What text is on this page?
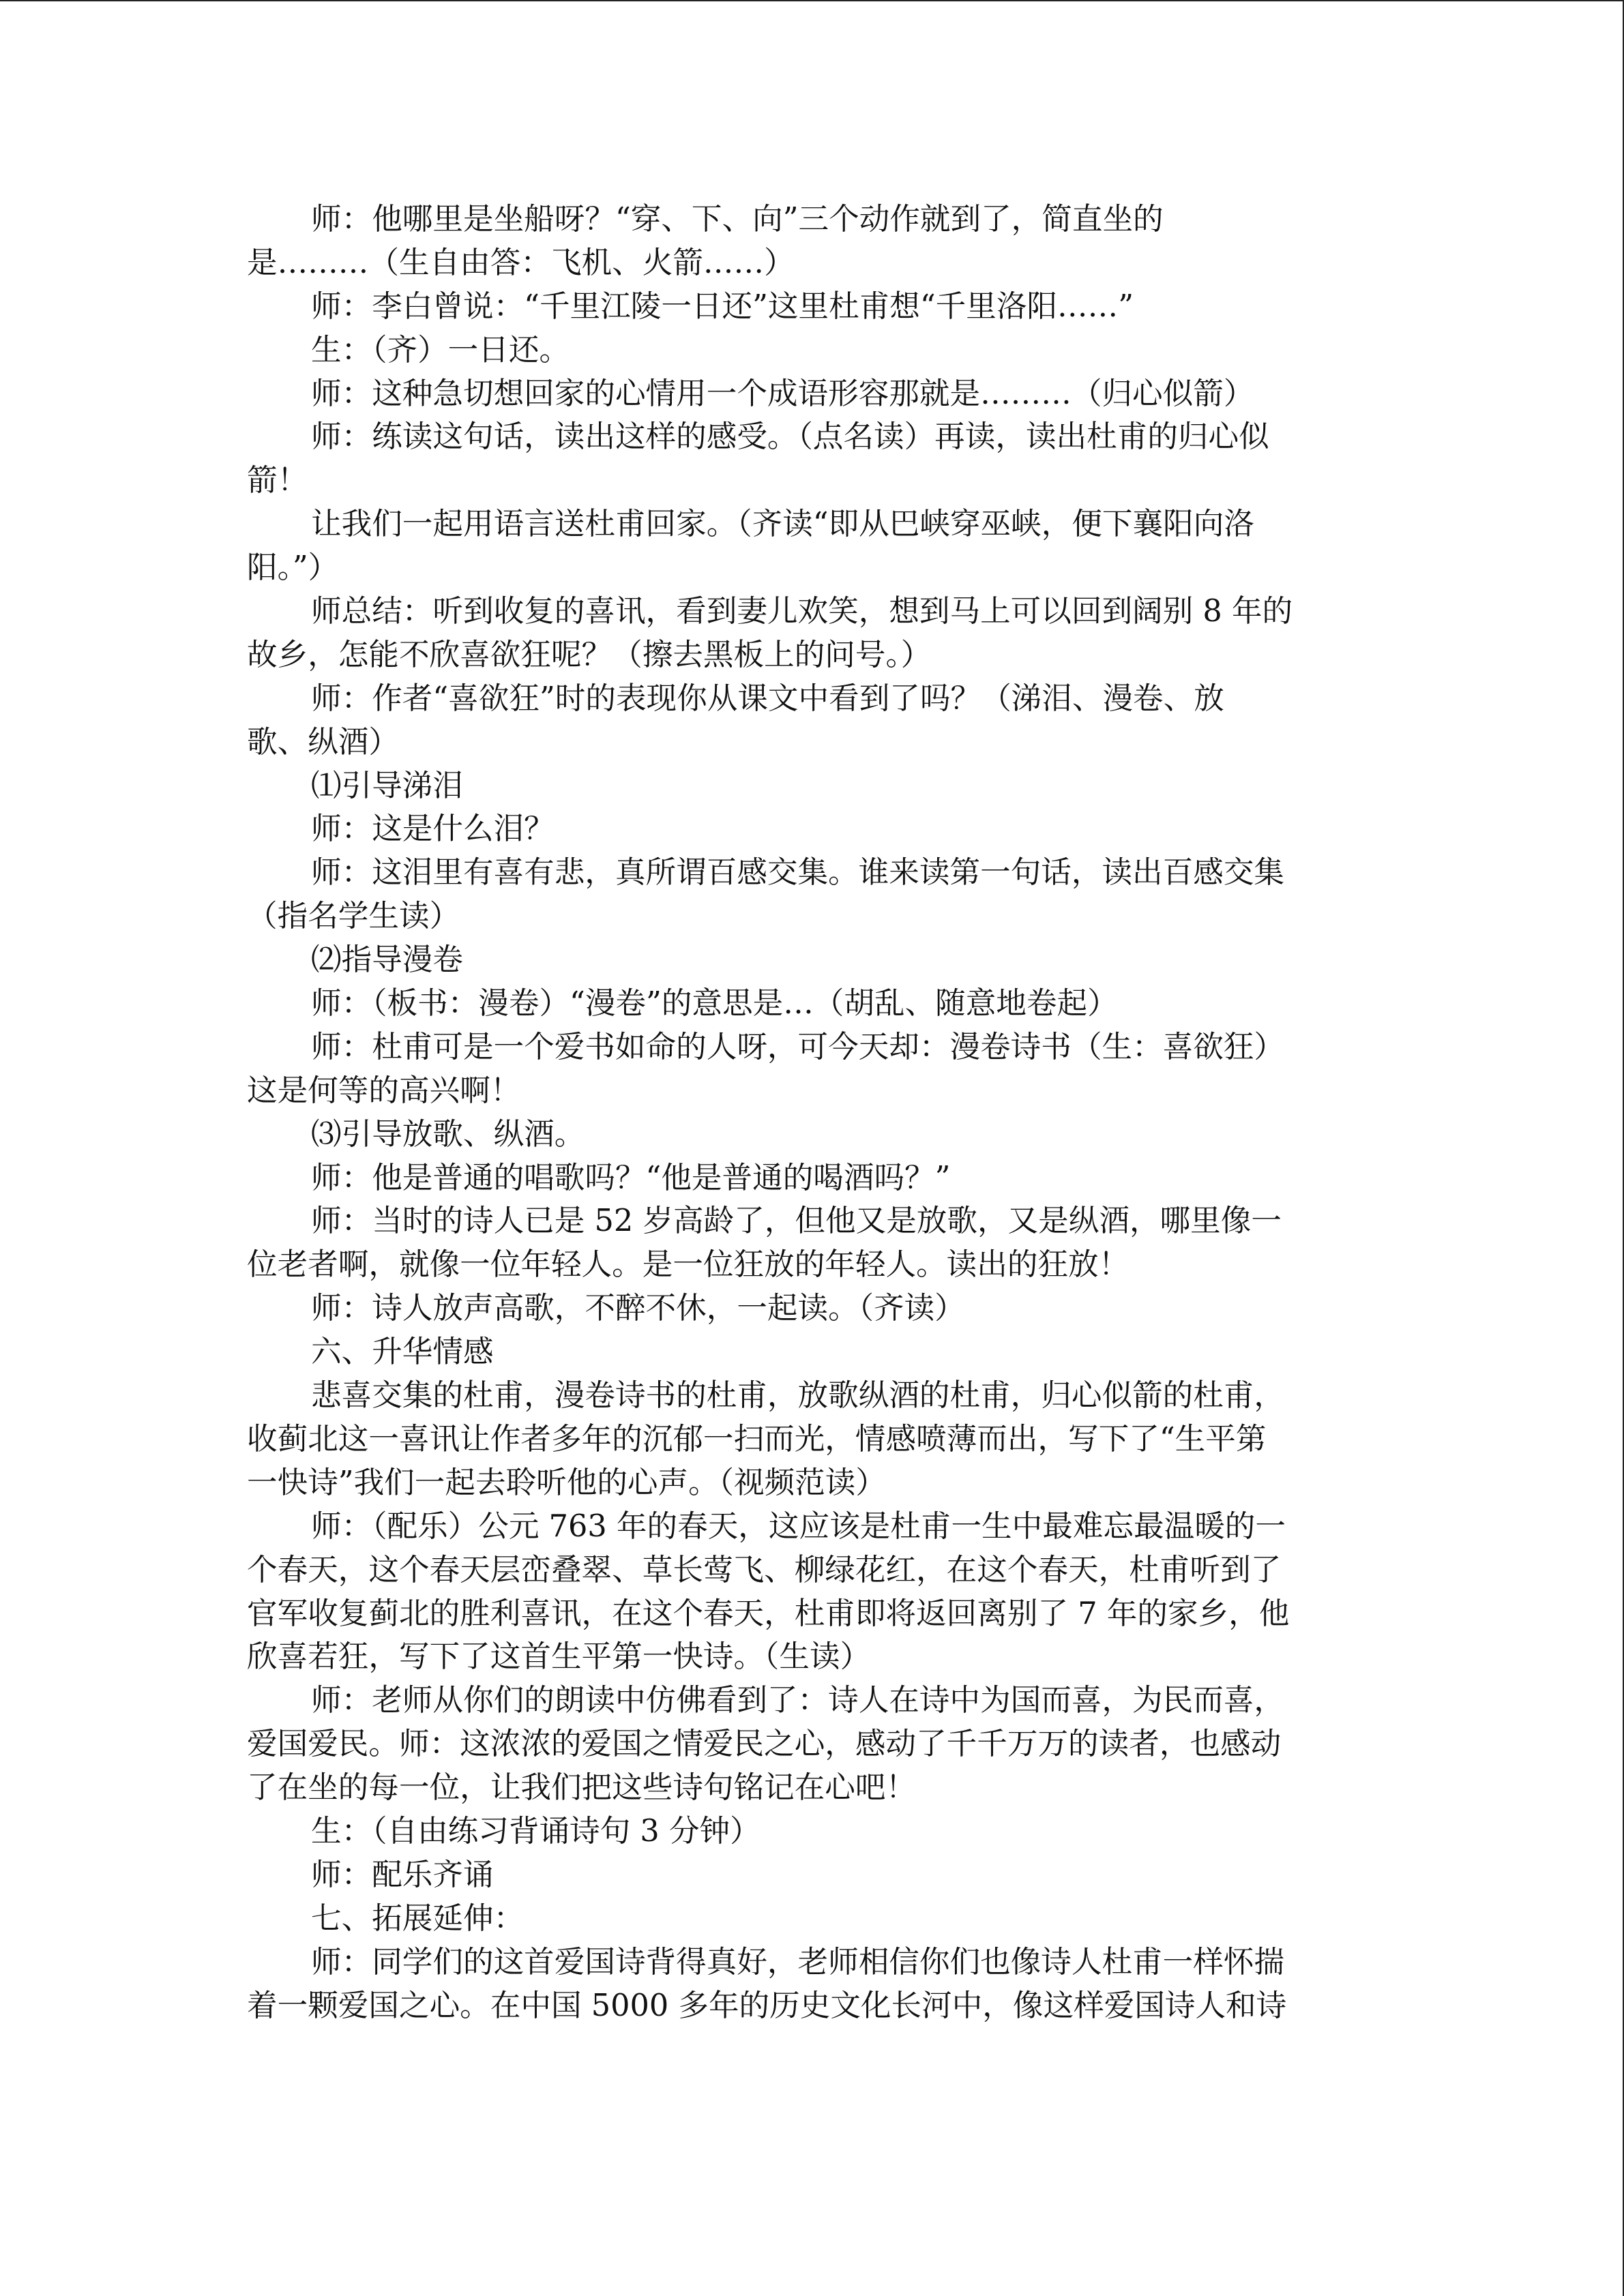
师：他哪里是坐船呀？“穿、下、向”三个动作就到了，简直坐的
是………（生自由答：飞机、火箭……）
师：李白曾说：“千里江陵一日还”这里杜甫想“千里洛阳……”
生：（齐）一日还。
师：这种急切想回家的心情用一个成语形容那就是………（归心似箭）
师：练读这句话，读出这样的感受。（点名读）再读，读出杜甫的归心似
箭！
让我们一起用语言送杜甫回家。（齐读“即从巴峡穿巫峡，便下襄阳向洛
阳。”）
师总结：听到收复的喜讯，看到妻儿欢笑，想到马上可以回到阔别 8 年的
故乡，怎能不欣喜欲狂呢？（擦去黑板上的问号。）
师：作者“喜欲狂”时的表现你从课文中看到了吗？（涕泪、漫卷、放
歌、纵酒）
⑴引导涕泪
师：这是什么泪？
师：这泪里有喜有悲，真所谓百感交集。谁来读第一句话，读出百感交集
（指名学生读）
⑵指导漫卷
师：（板书：漫卷）“漫卷”的意思是…（胡乱、随意地卷起）
师：杜甫可是一个爱书如命的人呀，可今天却：漫卷诗书（生：喜欲狂）
这是何等的高兴啊！
⑶引导放歌、纵酒。
师：他是普通的唱歌吗？“他是普通的喝酒吗？”
师：当时的诗人已是 52 岁高龄了，但他又是放歌，又是纵酒，哪里像一
位老者啊，就像一位年轻人。是一位狂放的年轻人。读出的狂放！
师：诗人放声高歌，不醉不休，一起读。（齐读）
六、升华情感
悲喜交集的杜甫，漫卷诗书的杜甫，放歌纵酒的杜甫，归心似箭的杜甫，
收蓟北这一喜讯让作者多年的沉郁一扫而光，情感喷薄而出，写下了“生平第
一快诗”我们一起去聆听他的心声。（视频范读）
师：（配乐）公元 763 年的春天，这应该是杜甫一生中最难忘最温暖的一
个春天，这个春天层峦叠翠、草长莺飞、柳绿花红，在这个春天，杜甫听到了
官军收复蓟北的胜利喜讯，在这个春天，杜甫即将返回离别了 7 年的家乡，他
欣喜若狂，写下了这首生平第一快诗。（生读）
师：老师从你们的朗读中仿佛看到了：诗人在诗中为国而喜，为民而喜，
爱国爱民。师：这浓浓的爱国之情爱民之心，感动了千千万万的读者，也感动
了在坐的每一位，让我们把这些诗句铭记在心吧！
生：（自由练习背诵诗句 3 分钟）
师：配乐齐诵
七、拓展延伸：
师：同学们的这首爱国诗背得真好，老师相信你们也像诗人杜甫一样怀揣
着一颗爱国之心。在中国 5000 多年的历史文化长河中，像这样爱国诗人和诗
